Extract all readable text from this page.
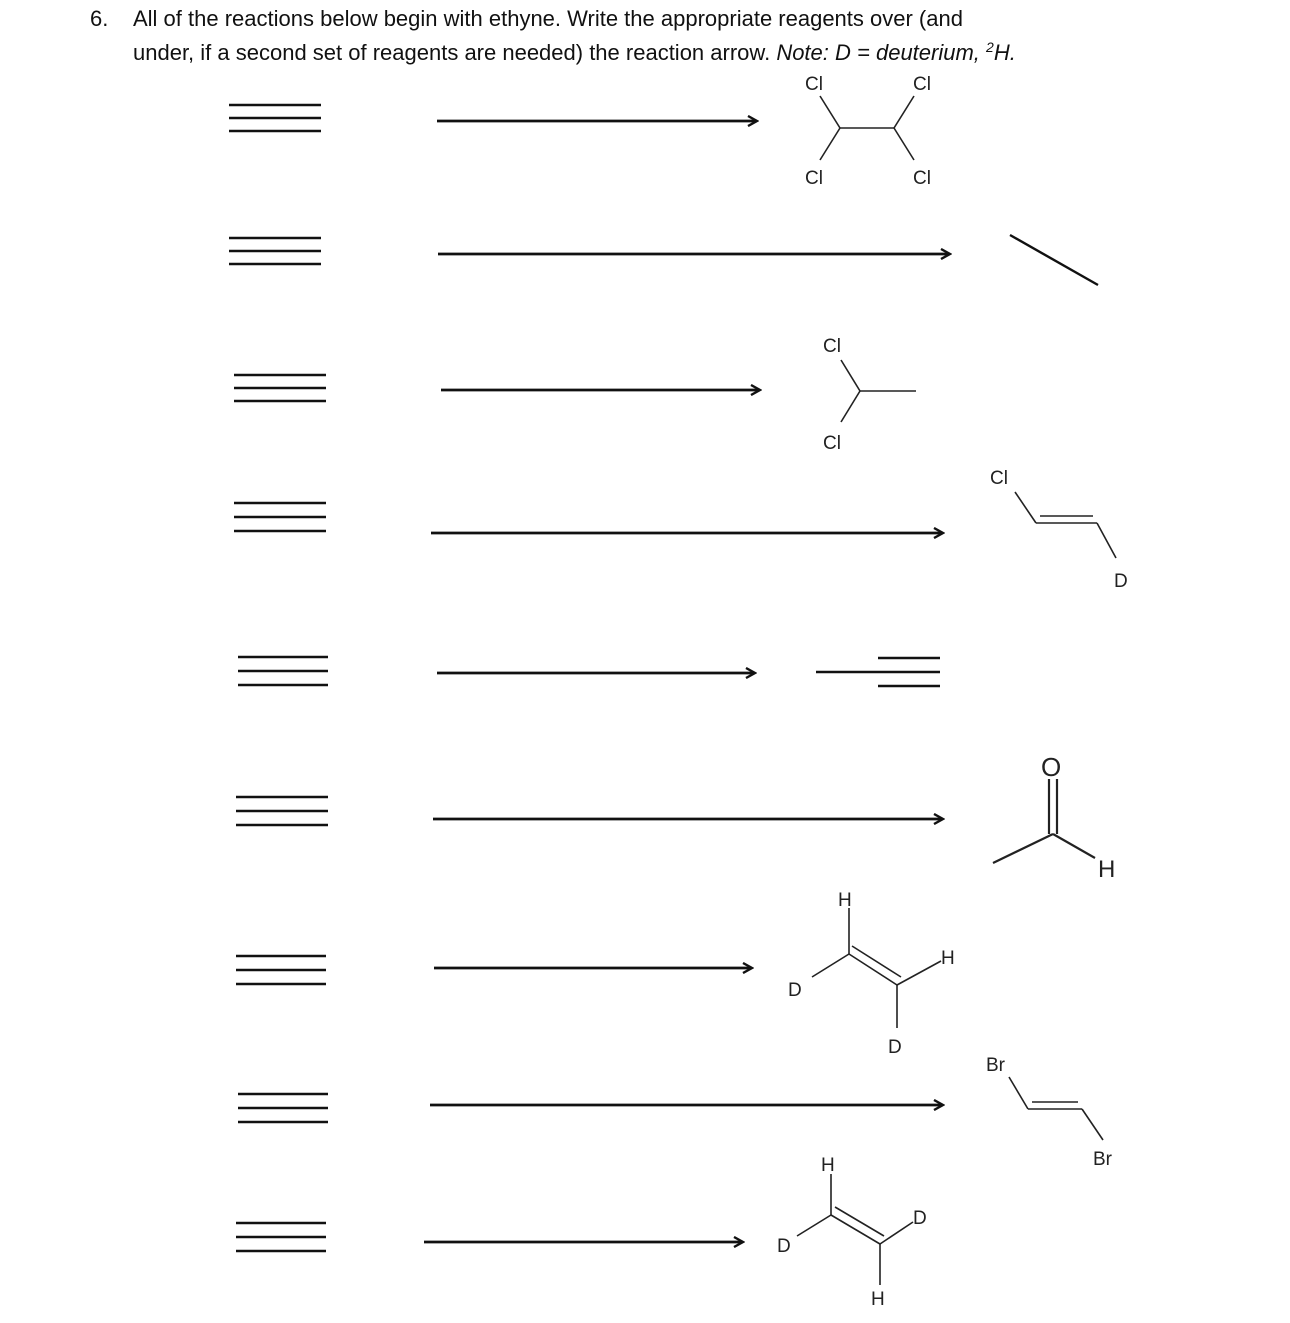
6. All of the reactions below begin with ethyne. Write the appropriate reagents over (and
under, if a second set of reagents are needed) the reaction arrow. Note: D = deuterium, $^2$H.
Cl	Cl
Cl	Cl
Cl
Cl
Cl
D
O
H
H
H
D
D
Br
Br
H
D
D
H
